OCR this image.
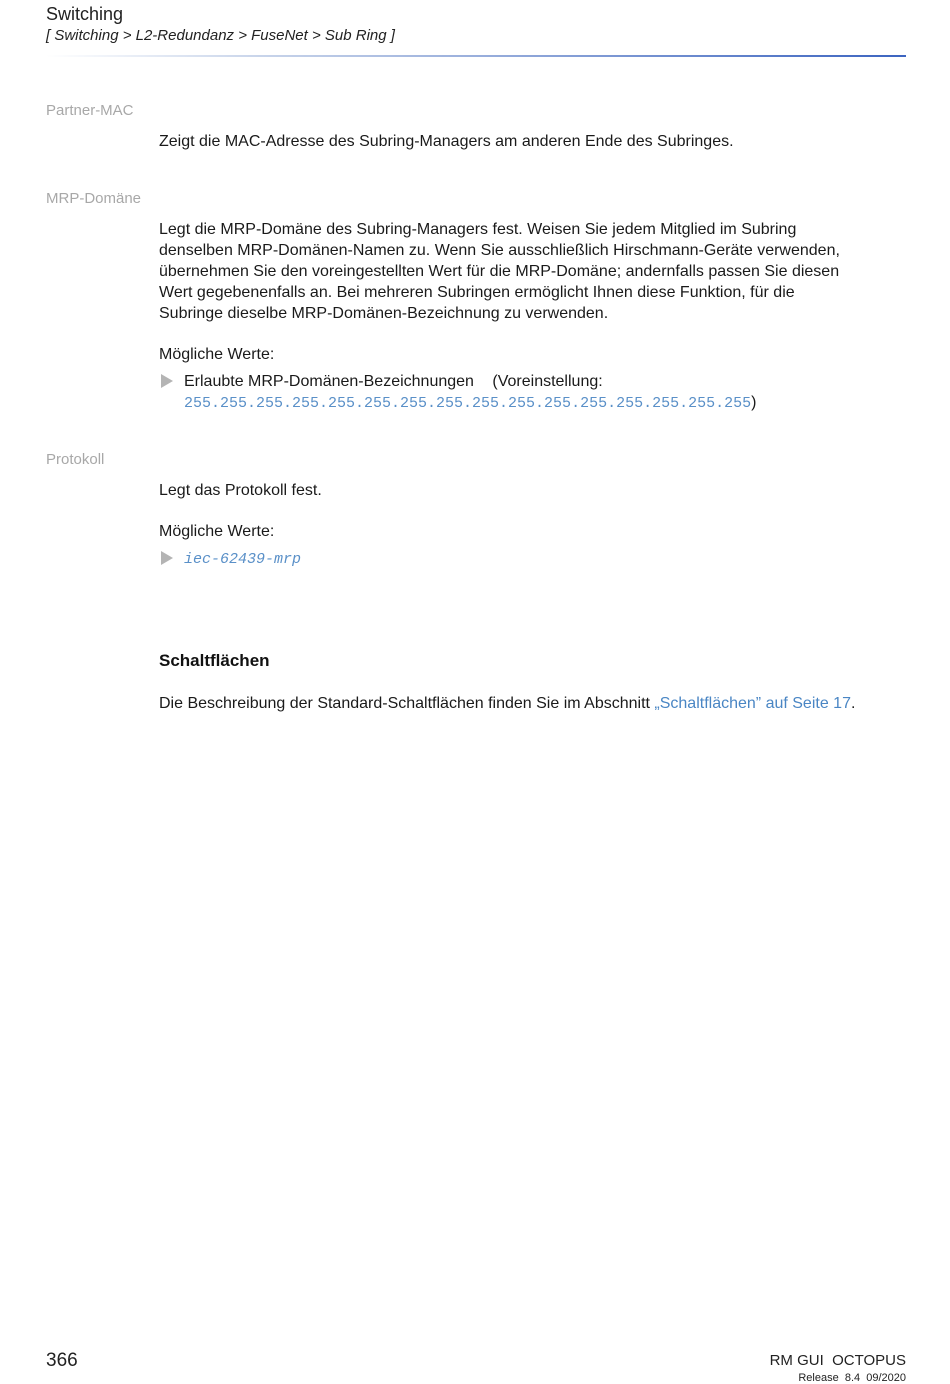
Switching
[ Switching > L2-Redundanz > FuseNet > Sub Ring ]
Partner-MAC
Zeigt die MAC-Adresse des Subring-Managers am anderen Ende des Subringes.
MRP-Domäne
Legt die MRP-Domäne des Subring-Managers fest. Weisen Sie jedem Mitglied im Subring
denselben MRP-Domänen-Namen zu. Wenn Sie ausschließlich Hirschmann-Geräte verwenden,
übernehmen Sie den voreingestellten Wert für die MRP-Domäne; andernfalls passen Sie diesen
Wert gegebenenfalls an. Bei mehreren Subringen ermöglicht Ihnen diese Funktion, für die
Subringe dieselbe MRP-Domänen-Bezeichnung zu verwenden.
Mögliche Werte:
Erlaubte MRP-Domänen-Bezeichnungen (Voreinstellung:
255.255.255.255.255.255.255.255.255.255.255.255.255.255.255.255)
Protokoll
Legt das Protokoll fest.
Mögliche Werte:
iec-62439-mrp
Schaltflächen
Die Beschreibung der Standard-Schaltflächen finden Sie im Abschnitt „Schaltflächen” auf Seite 17.
366	RM GUI  OCTOPUS
Release  8.4  09/2020
